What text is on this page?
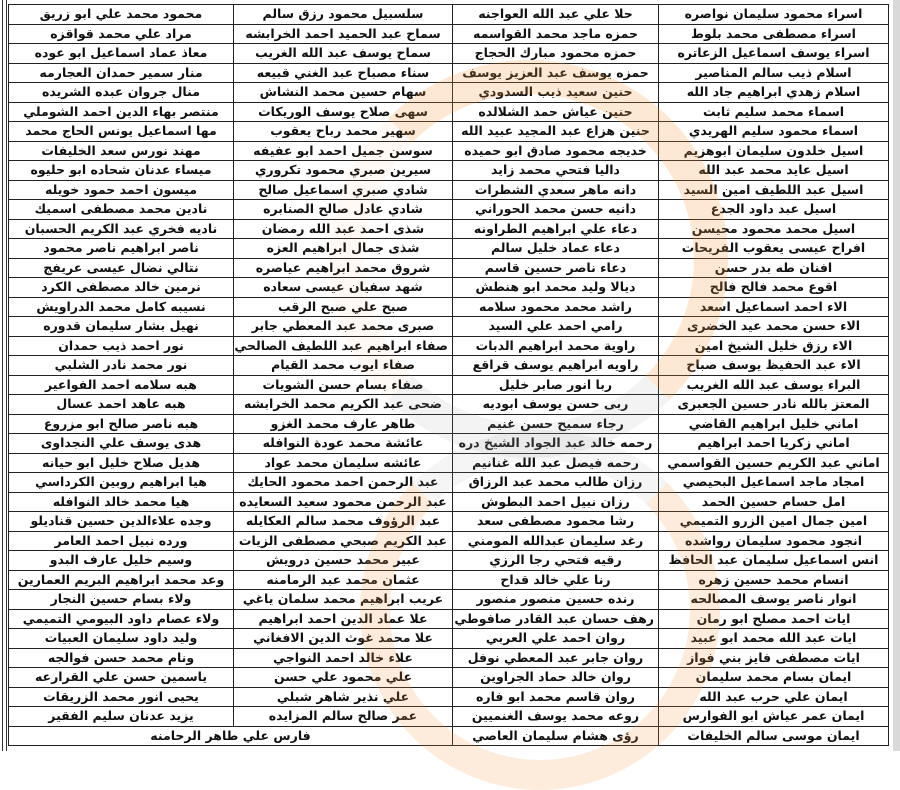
اسراء محمود سليمان نواصره	حلا علي عبد الله العواجنه	سلسبيل محمود رزق سالم	محمود محمد علي ابو زريق
اسراء مصطفى محمد بلوط	حمزه ماجد محمد القواسمه	سماح عبد الحميد احمد الخرابشه	مراد علي محمد قواقزه
اسراء يوسف اسماعيل الزعاتره	حمزه محمود مبارك الحجاج	سماح يوسف عبد الله الغريب	معاذ عماد اسماعيل ابو عوده
اسلام ذيب سالم المناصير	حمزه يوسف عبد العزيز يوسف	سناء مصباح عبد الغني قبيعه	منار سمير حمدان العجارمه
اسلام زهدي ابراهيم جاد الله	حنين سعيد ذيب السدودي	سهام حسين محمد النشاش	منال جروان عبده الشريده
اسماء محمد سليم ثابت	حنين عياش حمد الشلالده	سهى صلاح يوسف الوريكات	منتصر بهاء الدين احمد الشوملي
اسماء محمود سليم الهريدي	حنين هزاع عبد المجيد عبيد الله	سهير محمد رباح يعقوب	مها اسماعيل يونس الحاج محمد
اسيل خلدون سليمان ابوهزيم	خديجه محمود صادق ابو حميده	سوسن جميل احمد ابو عفيفه	مهند نورس سعد الخليفات
اسيل عايد محمد عبد الله	داليا فتحي محمد زايد	سيرين صبري محمود تكروري	ميساء عدنان شحاده ابو حليوه
اسيل عبد اللطيف امين السيد	دانه ماهر سعدي الشطرات	شادي صبري اسماعيل صالح	ميسون احمد حمود خويله
اسيل عبد داود الجدع	دانيه حسن محمد الحوراني	شادي عادل صالح الصنابره	نادين محمد مصطفى اسميك
اسيل محمد محمود محيسن	دعاء علي ابراهيم الطراونه	شذى احمد عبد الله رمضان	ناديه فخري عبد الكريم الحسبان
افراح عيسى يعقوب الفريحات	دعاء عماد خليل سالم	شذى جمال ابراهيم العزه	ناصر ابراهيم ناصر محمود
افنان طه بدر حسن	دعاء ناصر حسين قاسم	شروق محمد ابراهيم عياصره	نتالي نضال عيسى عريفج
اقوع محمد فالح فالح	ديالا وليد محمد ابو هنطش	شهد سفيان عيسى سعاده	نرمين خالد مصطفى الكرد
الاء احمد اسماعيل اسعد	راشد محمد محمود سلامه	صبح علي صبح الرقب	نسيبه كامل محمد الدراويش
الاء حسن محمد عيد الخضرى	رامي احمد علي السيد	صبرى محمد عبد المعطي جابر	نهيل بشار سليمان قدوره
الاء رزق خليل الشيخ امين	راوية محمد ابراهيم الدبات	صفاء ابراهيم عبد اللطيف الصالحي	نور احمد ذيب حمدان
الاء عبد الحفيظ يوسف صباح	راويه ابراهيم يوسف قراقع	صفاء ايوب محمد القيام	نور محمد نادر الشلبي
البراء يوسف عبد الله الغريب	ربا انور صابر خليل	صفاء بسام حسن الشويات	هبه سلامه احمد الفواعير
المعتز بالله نادر حسين الجعبرى	ربى حسن يوسف ابوديه	ضحى عبد الكريم محمد الخرابشه	هبه عاهد احمد عسال
اماني خليل ابراهيم القاضي	رجاء سميح حسن غنيم	طاهر عارف محمد الغزو	هبه ناصر صالح ابو مزروع
اماني زكريا احمد ابراهيم	رحمه خالد عبد الجواد الشيخ دره	عائشة محمد عودة النوافله	هدى يوسف علي النجداوى
اماني عبد الكريم حسين القواسمي	رحمه فيصل عبد الله غنانيم	عائشه سليمان محمد عواد	هديل صلاح خليل ابو حيانه
امجاد ماجد اسماعيل البحيصي	رزان طالب محمد عبد الرزاق	عبد الرحمن احمد محمود الحايك	هيا ابراهيم روبين الكرداسي
امل حسام حسين الحمد	رزان نبيل احمد البطوش	عبد الرحمن محمود سعيد السعايده	هيا محمد خالد النوافله
امين جمال امين الزرو التميمي	رشا محمود مصطفى سعد	عبد الرؤوف محمد سالم العكايله	وجده علاءالدين حسين قناديلو
انجود محمود سليمان رواشده	رغد سليمان عبدالله المومني	عبد الكريم صبحي مصطفى الزيات	ورده نبيل احمد العامر
انس اسماعيل سليمان عبد الحافظ	رقيه فتحي رجا الرزي	عبير محمد حسين درويش	وسيم خليل عارف البدو
انسام محمد حسين زهره	رنا علي خالد قداح	عثمان محمد عبد الرمامنه	وعد محمد ابراهيم البريم العمارين
انوار ناصر يوسف المصالحه	رنده حسين منصور منصور	عريب ابراهيم محمد سلمان ياغي	ولاء بسام حسين النجار
ايات احمد مصلح ابو رمان	رهف حسان عبد القادر صافوطي	علا عماد الدين احمد ابراهيم	ولاء عصام داود البيومي التميمي
ايات عبد الله محمد ابو عبيد	روان احمد علي العربي	علا محمد غوث الدين الافغاني	وليد داود سليمان العبيات
ايات مصطفى فايز بني فواز	روان جابر عبد المعطي نوفل	علاء خالد احمد النواجي	ونام محمد حسن فوالجه
ايمان بسام محمد سليمان	روان خالد حماد الجراوين	علي محمود علي حسن	ياسمين حسن علي القرارعه
ايمان علي حرب عبد الله	روان قاسم محمد ابو فاره	علي نذير شاهر شبلي	يحيى انور محمد الزريقات
ايمان عمر عياش ابو الفوارس	روعه محمد يوسف الغنميين	عمر صالح سالم المزايده	يزيد عدنان سليم الفقير
ايمان موسى سالم الخليفات	رؤى هشام سليمان العاصي	فارس علي طاهر الرحامنه	
